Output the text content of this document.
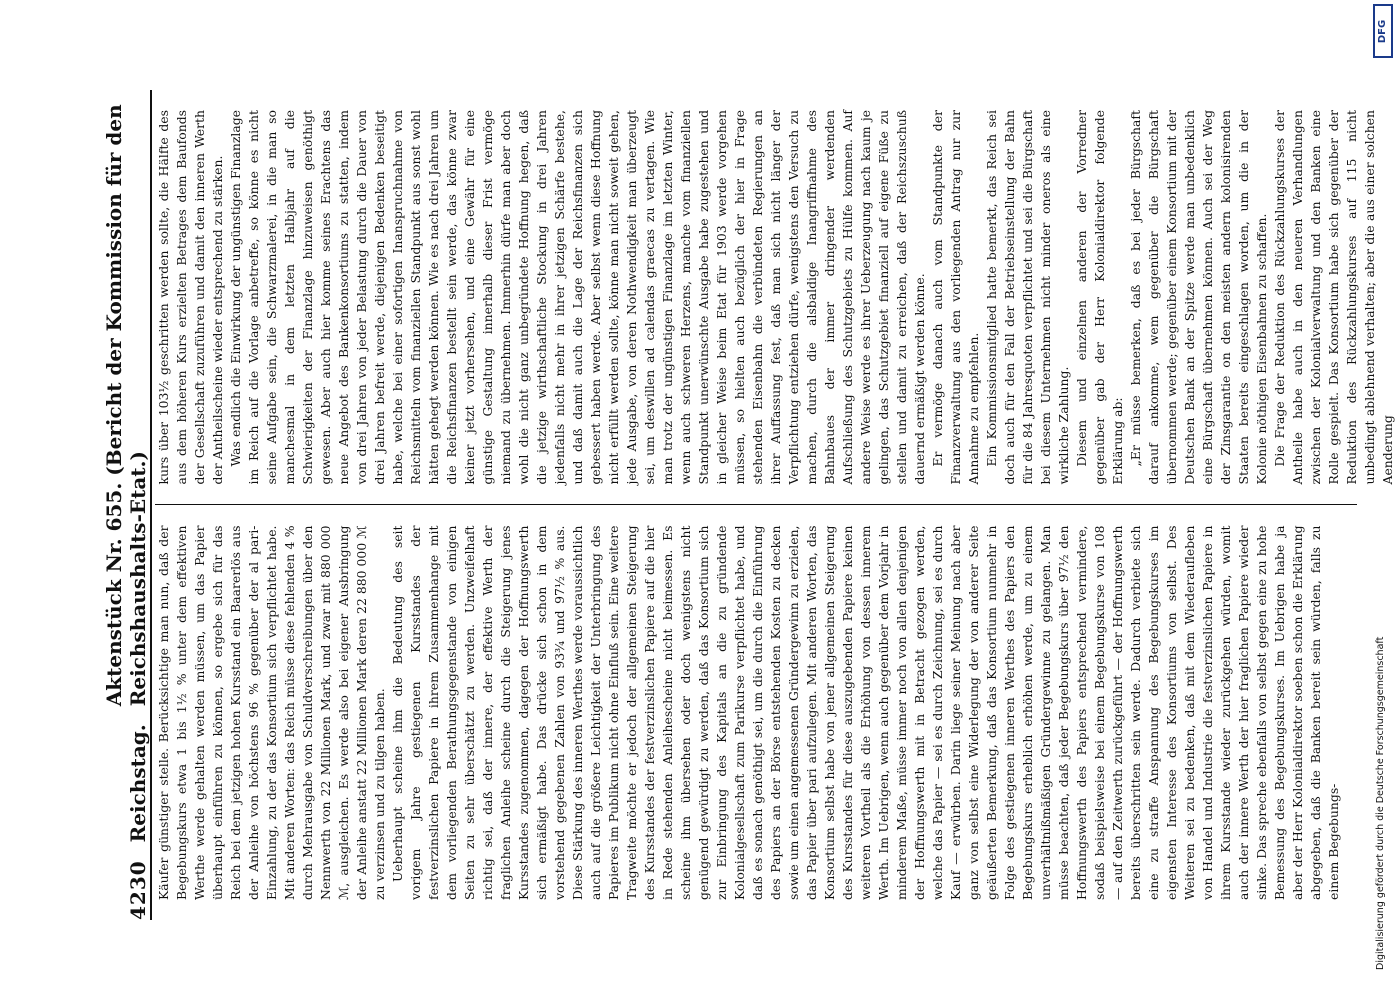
4230
Reichstag.
Aktenstück Nr. 655. (Bericht der Kommission für den Reichshaushalts-Etat.) Käufer günstiger stelle. Berücksichtige man nun, daß der Begebungskurs etwa 1 bis 1½ % unter dem effektiven Werthe werde gehalten werden müssen, um das Papier überhaupt einführen zu können, so ergebe sich für das Reich bei dem jetzigen hohen Kursstand ein Baarerlös aus der Anleihe von höchstens 96 % gegenüber der al pari-Einzahlung, zu der das Konsortium sich verpflichtet habe. Mit anderen Worten: das Reich müsse diese fehlenden 4 % durch Mehrausgabe von Schuldverschreibungen über den Nennwerth von 22 Millionen Mark, und zwar mit 880 000 ℳ, ausgleichen. Es werde also bei eigener Ausbringung der Anleihe anstatt 22 Millionen Mark deren 22 880 000 ℳ zu verzinsen und zu tilgen haben. Ueberhaupt scheine ihm die Bedeutung des seit vorigem Jahre gestiegenen Kursstandes der festverzinslichen Papiere in ihrem Zusammenhange mit dem vorliegenden Berathungsgegenstande von einigen Seiten zu sehr überschätzt zu werden. Unzweifelhaft richtig sei, daß der innere, der effektive Werth der fraglichen Anleihe scheine durch die Steigerung jenes Kursstandes zugenommen, dagegen der Hoffnungswerth sich ermäßigt habe. Das drücke sich schon in dem vorstehend gegebenen Zahlen von 93¾ und 97½ % aus. Diese Stärkung des inneren Werthes werde voraussichtlich auch auf die größere Leichtigkeit der Unterbringung des Papieres im Publikum nicht ohne Einfluß sein. Eine weitere Tragweite möchte er jedoch der allgemeinen Steigerung des Kursstandes der festverzinslichen Papiere auf die hier in Rede stehenden Anleihescheine nicht beimessen. Es scheine ihm übersehen oder doch wenigstens nicht genügend gewürdigt zu werden, daß das Konsortium sich zur Einbringung des Kapitals an die zu gründende Kolonialgesellschaft zum Parikurse verpflichtet habe, und daß es sonach genöthigt sei, um die durch die Einführung des Papiers an der Börse entstehenden Kosten zu decken sowie um einen angemessenen Gründergewinn zu erzielen, das Papier über pari aufzulegen. Mit anderen Worten, das Konsortium selbst habe von jener allgemeinen Steigerung des Kursstandes für diese auszugebenden Papiere keinen weiteren Vortheil als die Erhöhung von dessen innerem Werth. Im Uebrigen, wenn auch gegenüber dem Vorjahr in minderem Maße, müsse immer noch von allen denjenigen der Hoffnungswerth mit in Betracht gezogen werden, welche das Papier — sei es durch Zeichnung, sei es durch Kauf — erwürben. Darin liege seiner Meinung nach aber ganz von selbst eine Widerlegung der von anderer Seite geäußerten Bemerkung, daß das Konsortium nunmehr in Folge des gestiegenen inneren Werthes des Papiers den Begebungskurs erheblich erhöhen werde, um zu einem unverhältnißmäßigen Gründergewinne zu gelangen. Man müsse beachten, daß jeder Begebungskurs über 97½ den Hoffnungswerth des Papiers entsprechend vermindere, sodaß beispielsweise bei einem Begebungskurse von 108 — auf den Zeitwerth zurückgeführt — der Hoffnungswerth bereits überschritten sein werde. Dadurch verbiete sich eine zu straffe Anspannung des Begebungskurses im eigensten Interesse des Konsortiums von selbst. Des Weiteren sei zu bedenken, daß mit dem Wiederaufleben von Handel und Industrie die festverzinslichen Papiere in ihrem Kursstande wieder zurückgehen würden, womit auch der innere Werth der hier fraglichen Papiere wieder sinke. Das spreche ebenfalls von selbst gegen eine zu hohe Bemessung des Begebungskurses. Im Uebrigen habe ja aber der Herr Kolonialdirektor soeben schon die Erklärung abgegeben, daß die Banken bereit sein würden, falls zu einem Begebungs-

kurs über 103½ geschritten werden sollte, die Hälfte des aus dem höheren Kurs erzielten Betrages dem Baufonds der Gesellschaft zuzuführen und damit den inneren Werth der Antheilscheine wieder entsprechend zu stärken. Was endlich die Einwirkung der ungünstigen Finanzlage im Reich auf die Vorlage anbetreffe, so könne es nicht seine Aufgabe sein, die Schwarzmalerei, in die man so manchesmal in dem letzten Halbjahr auf die Schwierigkeiten der Finanzlage hinzuweisen genöthigt gewesen. Aber auch hier komme seines Erachtens das neue Angebot des Bankenkonsortiums zu statten, indem von drei Jahren von jeder Belastung durch die Dauer von drei Jahren befreit werde, diejenigen Bedenken beseitigt habe, welche bei einer sofortigen Inanspruchnahme von Reichsmitteln vom finanziellen Standpunkt aus sonst wohl hätten gehegt werden können. Wie es nach drei Jahren um die Reichsfinanzen bestellt sein werde, das könne zwar keiner jetzt vorhersehen, und eine Gewähr für eine günstige Gestaltung innerhalb dieser Frist vermöge niemand zu übernehmen. Immerhin dürfe man aber doch wohl die nicht ganz unbegründete Hoffnung hegen, daß die jetzige wirthschaftliche Stockung in drei Jahren jedenfalls nicht mehr in ihrer jetzigen Schärfe bestehe, und daß damit auch die Lage der Reichsfinanzen sich gebessert haben werde. Aber selbst wenn diese Hoffnung nicht erfüllt werden sollte, könne man nicht soweit gehen, jede Ausgabe, von deren Nothwendigkeit man überzeugt sei, um deswillen ad calendas graecas zu vertagen. Wie man trotz der ungünstigen Finanzlage im letzten Winter, wenn auch schweren Herzens, manche vom finanziellen Standpunkt unerwünschte Ausgabe habe zugestehen und in gleicher Weise beim Etat für 1903 werde vorgehen müssen, so hielten auch bezüglich der hier in Frage stehenden Eisenbahn die verbündeten Regierungen an ihrer Auffassung fest, daß man sich nicht länger der Verpflichtung entziehen dürfe, wenigstens den Versuch zu machen, durch die alsbaldige Inangriffnahme des Bahnbaues der immer dringender werdenden Aufschließung des Schutzgebiets zu Hülfe kommen. Auf andere Weise werde es ihrer Ueberzeugung nach kaum je gelingen, das Schutzgebiet finanziell auf eigene Füße zu stellen und damit zu erreichen, daß der Reichszuschuß dauernd ermäßigt werden könne. Er vermöge danach auch vom Standpunkte der Finanzverwaltung aus den vorliegenden Antrag nur zur Annahme zu empfehlen. Ein Kommissionsmitglied hatte bemerkt, das Reich sei doch auch für den Fall der Betriebseinstellung der Bahn für die 84 Jahresquoten verpflichtet und sei die Bürgschaft bei diesem Unternehmen nicht minder oneros als eine wirkliche Zahlung. Diesem und einzelnen anderen der Vorredner gegenüber gab der Herr Kolonialdirektor folgende Erklärung ab: „Er müsse bemerken, daß es bei jeder Bürgschaft darauf ankomme, wem gegenüber die Bürgschaft übernommen werde; gegenüber einem Konsortium mit der Deutschen Bank an der Spitze werde man unbedenklich eine Bürgschaft übernehmen können. Auch sei der Weg der Zinsgarantie on den meisten andern kolonisirenden Staaten bereits eingeschlagen worden, um die in der Kolonie nöthigen Eisenbahnen zu schaffen. Die Frage der Reduktion des Rückzahlungskurses der Antheile habe auch in den neueren Verhandlungen zwischen der Kolonialverwaltung und den Banken eine Rolle gespielt. Das Konsortium habe sich gegenüber der Reduktion des Rückzahlungskurses auf 115 nicht unbedingt ablehnend verhalten; aber die aus einer solchen Aenderung

DFG
Digitalisierung gefördert durch die Deutsche Forschungsgemeinschaft
